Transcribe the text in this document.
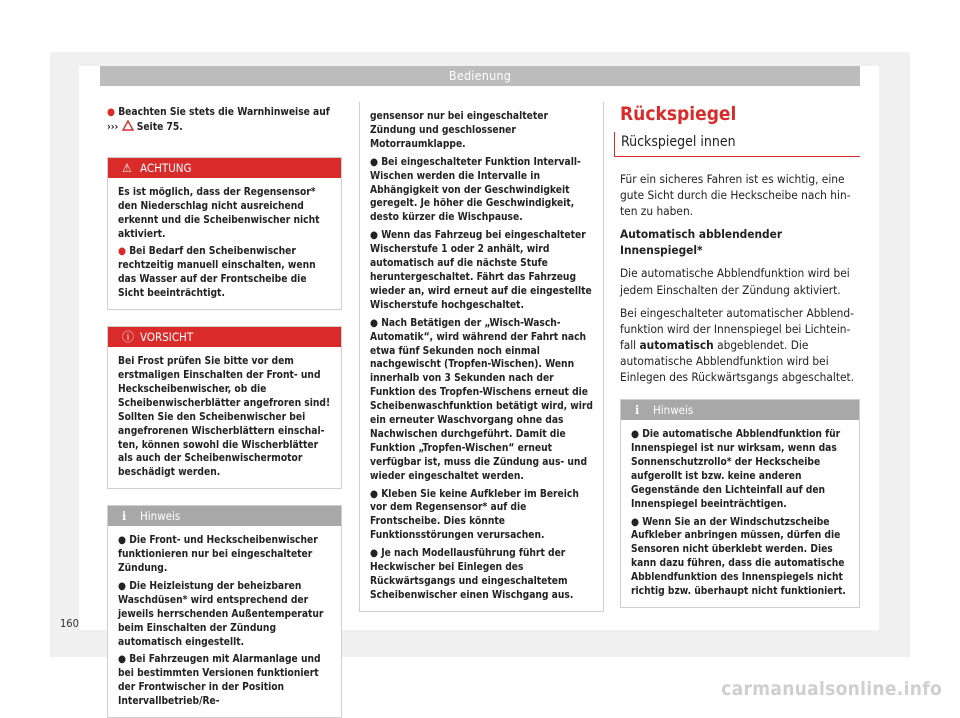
Bedienung
● Beachten Sie stets die Warnhinweise auf
››› Seite 75.
⚠ ACHTUNG
Es ist möglich, dass der Regensensor* den Niederschlag nicht ausreichend erkennt und die Scheibenwischer nicht aktiviert.
● Bei Bedarf den Scheibenwischer rechtzeitig manuell einschalten, wenn das Wasser auf der Frontscheibe die Sicht beeinträchtigt.
ⓘ VORSICHT
Bei Frost prüfen Sie bitte vor dem erstmaligen Einschalten der Front- und Heckscheibenwischer, ob die Scheibenwischerblätter angefroren sind! Sollten Sie den Scheibenwischer bei angefrorenen Wischerblättern einschalten, können sowohl die Wischerblätter als auch der Scheibenwischermotor beschädigt werden.
ℹ Hinweis
● Die Front- und Heckscheibenwischer funktionieren nur bei eingeschalteter Zündung.
● Die Heizleistung der beheizbaren Waschdüsen* wird entsprechend der jeweils herrschenden Außentemperatur beim Einschalten der Zündung automatisch eingestellt.
● Bei Fahrzeugen mit Alarmanlage und bei bestimmten Versionen funktioniert der Frontwischer in der Position Intervallbetrieb/Re-
gensensor nur bei eingeschalteter Zündung und geschlossener Motorraumklappe.
● Bei eingeschalteter Funktion Intervall-Wischen werden die Intervalle in Abhängigkeit von der Geschwindigkeit geregelt. Je höher die Geschwindigkeit, desto kürzer die Wischpause.
● Wenn das Fahrzeug bei eingeschalteter Wischerstufe 1 oder 2 anhält, wird automatisch auf die nächste Stufe heruntergeschaltet. Fährt das Fahrzeug wieder an, wird erneut auf die eingestellte Wischerstufe hochgeschaltet.
● Nach Betätigen der „Wisch-Wasch-Automatik“, wird während der Fahrt nach etwa fünf Sekunden noch einmal nachgewischt (Tropfen-Wischen). Wenn innerhalb von 3 Sekunden nach der Funktion des Tropfen-Wischens erneut die Scheibenwaschfunktion betätigt wird, wird ein erneuter Waschvorgang ohne das Nachwischen durchgeführt. Damit die Funktion „Tropfen-Wischen“ erneut verfügbar ist, muss die Zündung aus- und wieder eingeschaltet werden.
● Kleben Sie keine Aufkleber im Bereich vor dem Regensensor* auf die Frontscheibe. Dies könnte Funktionsstörungen verursachen.
● Je nach Modellausführung führt der Heckwischer bei Einlegen des Rückwärtsgangs und eingeschaltetem Scheibenwischer einen Wischgang aus.
Rückspiegel
Rückspiegel innen
Für ein sicheres Fahren ist es wichtig, eine gute Sicht durch die Heckscheibe nach hinten zu haben.
Automatisch abblendender Innenspiegel*
Die automatische Abblendfunktion wird bei jedem Einschalten der Zündung aktiviert.
Bei eingeschalteter automatischer Abblendfunktion wird der Innenspiegel bei Lichteinfall automatisch abgeblendet. Die automatische Abblendfunktion wird bei Einlegen des Rückwärtsgangs abgeschaltet.
ℹ Hinweis
● Die automatische Abblendfunktion für Innenspiegel ist nur wirksam, wenn das Sonnenschutzrollo* der Heckscheibe aufgerollt ist bzw. keine anderen Gegenstände den Lichteinfall auf den Innenspiegel beeinträchtigen.
● Wenn Sie an der Windschutzscheibe Aufkleber anbringen müssen, dürfen die Sensoren nicht überklebt werden. Dies kann dazu führen, dass die automatische Abblendfunktion des Innenspiegels nicht richtig bzw. überhaupt nicht funktioniert.
160
carmanualsonline.info
